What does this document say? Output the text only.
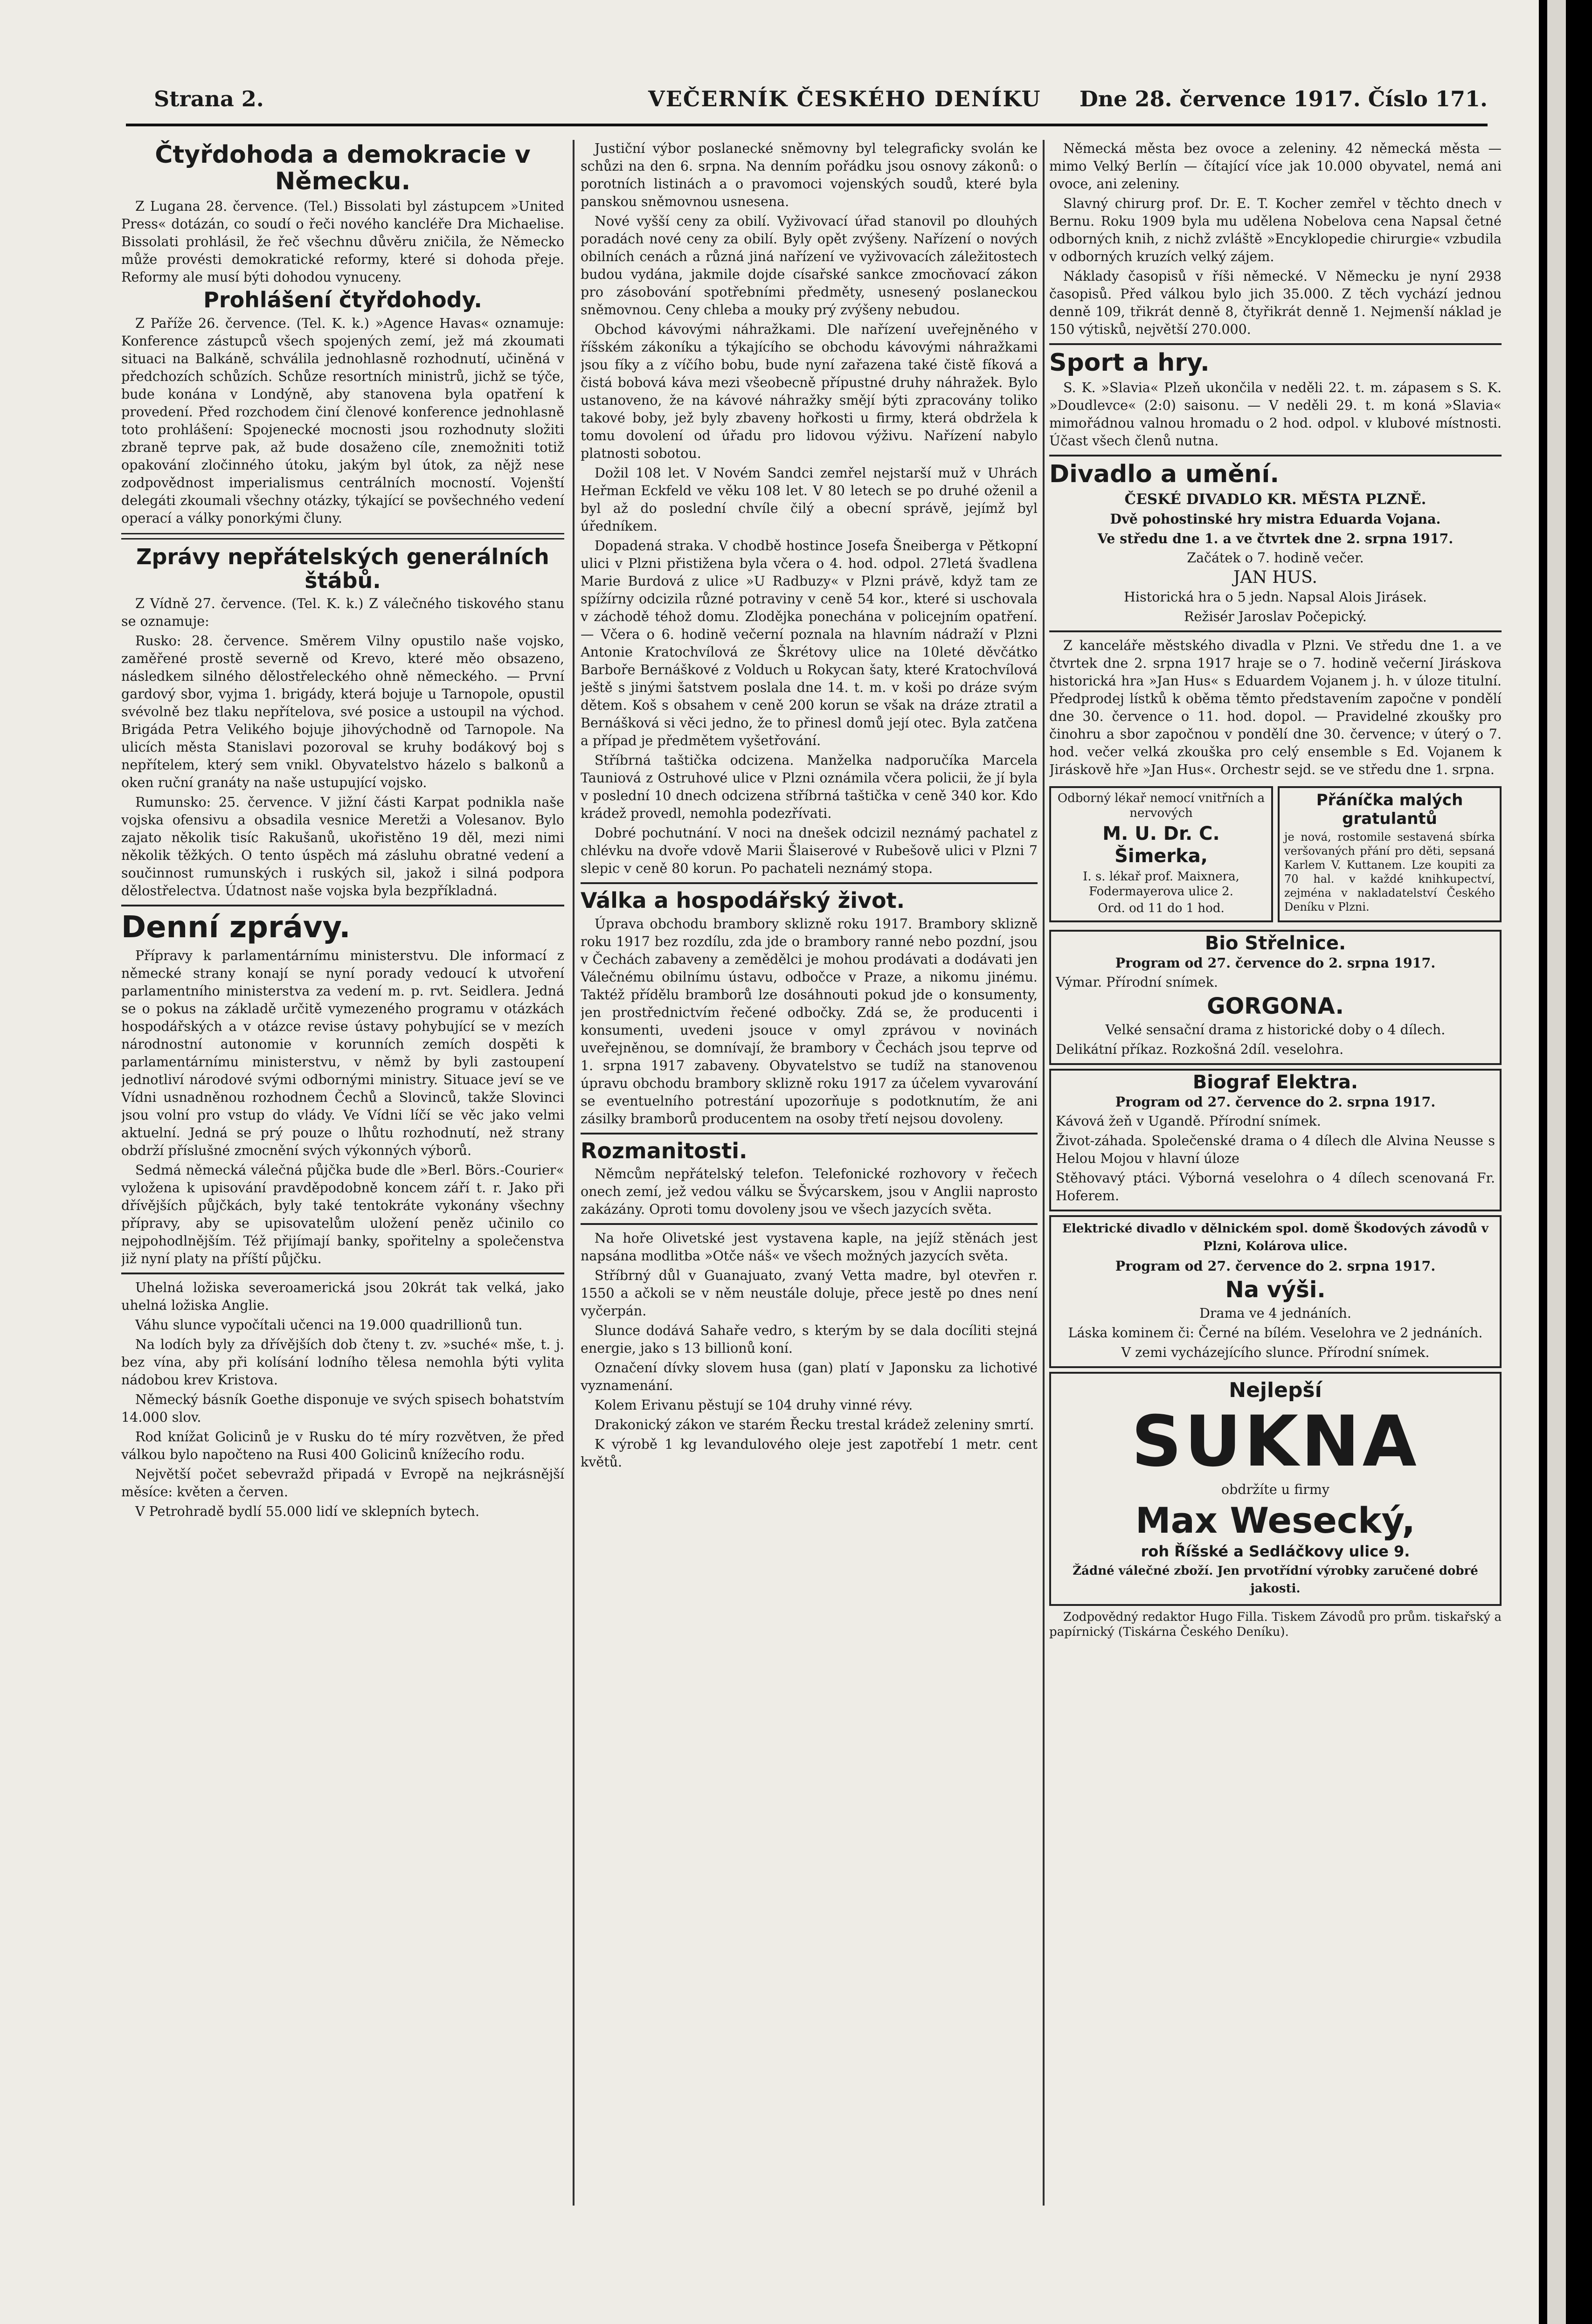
Strana 2.	VEČERNÍK ČESKÉHO DENÍKU Dne 28. července 1917. Číslo 171.
Čtyřdohoda a demokracie v Německu.

Z Lugana 28. července. (Tel.) Bissolati byl zástupcem »United Press« dotázán, co soudí o řeči nového kancléře Dra Michaelise. Bissolati prohlásil, že řeč všechnu důvěru zničila, že Německo může provésti demokratické reformy, které si dohoda přeje. Reformy ale musí býti dohodou vynuceny.

Prohlášení čtyřdohody.

Z Paříže 26. července. (Tel. K. k.) »Agence Havas« oznamuje: Konference zástupců všech spojených zemí, jež má zkoumati situaci na Balkáně, schválila jednohlasně rozhodnutí, učiněná v předchozích schůzích. Schůze resortních ministrů, jichž se týče, bude konána v Londýně, aby stanovena byla opatření k provedení. Před rozchodem činí členové konference jednohlasně toto prohlášení: Spojenecké mocnosti jsou rozhodnuty složiti zbraně teprve pak, až bude dosaženo cíle, znemožniti totiž opakování zločinného útoku, jakým byl útok, za nějž nese zodpovědnost imperialismus centrálních mocností. Vojenští delegáti zkoumali všechny otázky, týkající se povšechného vedení operací a války ponorkými čluny.

Zprávy nepřátelských generálních štábů.

Z Vídně 27. července. (Tel. K. k.) Z válečného tiskového stanu se oznamuje:

Rusko: 28. července. Směrem Vilny opustilo naše vojsko, zaměřené prostě severně od Krevo, které měo obsazeno, následkem silného dělostřeleckého ohně německého. — První gardový sbor, vyjma 1. brigády, která bojuje u Tarnopole, opustil svévolně bez tlaku nepřítelova, své posice a ustoupil na východ. Brigáda Petra Velikého bojuje jihovýchodně od Tarnopole. Na ulicích města Stanislavi pozoroval se kruhy bodákový boj s nepřítelem, který sem vnikl. Obyvatelstvo házelo s balkonů a oken ruční granáty na naše ustupující vojsko.

Rumunsko: 25. července. V jižní části Karpat podnikla naše vojska ofensivu a obsadila vesnice Meretži a Volesanov. Bylo zajato několik tisíc Rakušanů, ukořistěno 19 děl, mezi nimi několik těžkých. O tento úspěch má zásluhu obratné vedení a součinnost rumunských i ruských sil, jakož i silná podpora dělostřelectva. Údatnost naše vojska byla bezpříkladná.

Denní zprávy.

Přípravy k parlamentárnímu ministerstvu. Dle informací z německé strany konají se nyní porady vedoucí k utvoření parlamentního ministerstva za vedení m. p. rvt. Seidlera. Jedná se o pokus na základě určitě vymezeného programu v otázkách hospodářských a v otázce revise ústavy pohybující se v mezích národnostní autonomie v korunních zemích dospěti k parlamentárnímu ministerstvu, v němž by byli zastoupení jednotliví národové svými odbornými ministry. Situace jeví se ve Vídni usnadněnou rozhodnem Čechů a Slovinců, takže Slovinci jsou volní pro vstup do vlády. Ve Vídni líčí se věc jako velmi aktuelní. Jedná se prý pouze o lhůtu rozhodnutí, než strany obdrží příslušné zmocnění svých výkonných výborů.

Sedmá německá válečná půjčka bude dle »Berl. Börs.-Courier« vyložena k upisování pravděpodobně koncem září t. r. Jako při dřívějších půjčkách, byly také tentokráte vykonány všechny přípravy, aby se upisovatelům uložení peněz učinilo co nejpohodlnějším. Též přijímají banky, spořitelny a společenstva již nyní platy na příští půjčku.

Uhelná ložiska severoamerická jsou 20krát tak velká, jako uhelná ložiska Anglie.

Váhu slunce vypočítali učenci na 19.000 quadrillionů tun.

Na lodích byly za dřívějších dob čteny t. zv. »suché« mše, t. j. bez vína, aby při kolísání lodního tělesa nemohla býti vylita nádobou krev Kristova.

Německý básník Goethe disponuje ve svých spisech bohatstvím 14.000 slov.

Rod knížat Golicinů je v Rusku do té míry rozvětven, že před válkou bylo napočteno na Rusi 400 Golicinů knížecího rodu.

Největší počet sebevražd připadá v Evropě na nejkrásnější měsíce: květen a červen.

V Petrohradě bydlí 55.000 lidí ve sklepních bytech.

Justiční výbor poslanecké sněmovny byl telegraficky svolán ke schůzi na den 6. srpna. Na denním pořádku jsou osnovy zákonů: o porotních listinách a o pravomoci vojenských soudů, které byla panskou sněmovnou usnesena.

Nové vyšší ceny za obilí. Vyživovací úřad stanovil po dlouhých poradách nové ceny za obilí. Byly opět zvýšeny. Nařízení o nových obilních cenách a různá jiná nařízení ve vyživovacích záležitostech budou vydána, jakmile dojde císařské sankce zmocňovací zákon pro zásobování spotřebními předměty, usnesený poslaneckou sněmovnou. Ceny chleba a mouky prý zvýšeny nebudou.

Obchod kávovými náhražkami. Dle nařízení uveřejněného v říšském zákoníku a týkajícího se obchodu kávovými náhražkami jsou fíky a z víčího bobu, bude nyní zařazena také čistě fíková a čistá bobová káva mezi všeobecně přípustné druhy náhražek. Bylo ustanoveno, že na kávové náhražky smějí býti zpracovány toliko takové boby, jež byly zbaveny hořkosti u firmy, která obdržela k tomu dovolení od úřadu pro lidovou výživu. Nařízení nabylo platnosti sobotou.

Dožil 108 let. V Novém Sandci zemřel nejstarší muž v Uhrách Heřman Eckfeld ve věku 108 let. V 80 letech se po druhé oženil a byl až do poslední chvíle čilý a obecní správě, jejímž byl úředníkem.

Dopadená straka. V chodbě hostince Josefa Šneiberga v Pětkopní ulici v Plzni přistižena byla včera o 4. hod. odpol. 27letá švadlena Marie Burdová z ulice »U Radbuzy« v Plzni právě, když tam ze spížírny odcizila různé potraviny v ceně 54 kor., které si uschovala v záchodě téhož domu. Zlodějka ponechána v policejním opatření. — Včera o 6. hodině večerní poznala na hlavním nádraží v Plzni Antonie Kratochvílová ze Škrétovy ulice na 10leté děvčátko Barboře Bernáškové z Volduch u Rokycan šaty, které Kratochvílová ještě s jinými šatstvem poslala dne 14. t. m. v koši po dráze svým dětem. Koš s obsahem v ceně 200 korun se však na dráze ztratil a Bernášková si věci jedno, že to přinesl domů její otec. Byla zatčena a případ je předmětem vyšetřování.

Stříbrná taštička odcizena. Manželka nadporučíka Marcela Tauniová z Ostruhové ulice v Plzni oznámila včera policii, že jí byla v poslední 10 dnech odcizena stříbrná taštička v ceně 340 kor. Kdo krádež provedl, nemohla podezřívati.

Dobré pochutnání. V noci na dnešek odcizil neznámý pachatel z chlévku na dvoře vdově Marii Šlaiserové v Rubešově ulici v Plzni 7 slepic v ceně 80 korun. Po pachateli neznámý stopa.

Válka a hospodářský život.

Úprava obchodu brambory sklizně roku 1917. Brambory sklizně roku 1917 bez rozdílu, zda jde o brambory ranné nebo pozdní, jsou v Čechách zabaveny a zemědělci je mohou prodávati a dodávati jen Válečnému obilnímu ústavu, odbočce v Praze, a nikomu jinému. Taktéž přídělu bramborů lze dosáhnouti pokud jde o konsumenty, jen prostřednictvím řečené odbočky. Zdá se, že producenti i konsumenti, uvedeni jsouce v omyl zprávou v novinách uveřejněnou, se domnívají, že brambory v Čechách jsou teprve od 1. srpna 1917 zabaveny. Obyvatelstvo se tudíž na stanovenou úpravu obchodu brambory sklizně roku 1917 za účelem vyvarování se eventuelního potrestání upozorňuje s podotknutím, že ani zásilky bramborů producentem na osoby třetí nejsou dovoleny.

Rozmanitosti.

Němcům nepřátelský telefon. Telefonické rozhovory v řečech onech zemí, jež vedou válku se Švýcarskem, jsou v Anglii naprosto zakázány. Oproti tomu dovoleny jsou ve všech jazycích světa.

Na hoře Olivetské jest vystavena kaple, na jejíž stěnách jest napsána modlitba »Otče náš« ve všech možných jazycích světa.

Stříbrný důl v Guanajuato, zvaný Vetta madre, byl otevřen r. 1550 a ačkoli se v něm neustále doluje, přece jestě po dnes není vyčerpán.

Slunce dodává Sahaře vedro, s kterým by se dala docíliti stejná energie, jako s 13 billionů koní.

Označení dívky slovem husa (gan) platí v Japonsku za lichotivé vyznamenání.

Kolem Erivanu pěstují se 104 druhy vinné révy.

Drakonický zákon ve starém Řecku trestal krádež zeleniny smrtí.

K výrobě 1 kg levandulového oleje jest zapotřebí 1 metr. cent květů.

Německá města bez ovoce a zeleniny. 42 německá města — mimo Velký Berlín — čítající více jak 10.000 obyvatel, nemá ani ovoce, ani zeleniny.

Slavný chirurg prof. Dr. E. T. Kocher zemřel v těchto dnech v Bernu. Roku 1909 byla mu udělena Nobelova cena Napsal četné odborných knih, z nichž zvláště »Encyklopedie chirurgie« vzbudila v odborných kruzích velký zájem.

Náklady časopisů v říši německé. V Německu je nyní 2938 časopisů. Před válkou bylo jich 35.000. Z těch vychází jednou denně 109, třikrát denně 8, čtyřikrát denně 1. Nejmenší náklad je 150 výtisků, největší 270.000.

Sport a hry.

S. K. »Slavia« Plzeň ukončila v neděli 22. t. m. zápasem s S. K. »Doudlevce« (2:0) saisonu. — V neděli 29. t. m koná »Slavia« mimořádnou valnou hromadu o 2 hod. odpol. v klubové místnosti. Účast všech členů nutna.

Divadlo a umění.

ČESKÉ DIVADLO KR. MĚSTA PLZNĚ.

Dvě pohostinské hry mistra Eduarda Vojana.

Ve středu dne 1. a ve čtvrtek dne 2. srpna 1917.

Začátek o 7. hodině večer.

JAN HUS.

Historická hra o 5 jedn. Napsal Alois Jirásek.

Režisér Jaroslav Počepický.

Z kanceláře městského divadla v Plzni. Ve středu dne 1. a ve čtvrtek dne 2. srpna 1917 hraje se o 7. hodině večerní Jiráskova historická hra »Jan Hus« s Eduardem Vojanem j. h. v úloze titulní. Předprodej lístků k oběma těmto představením započne v pondělí dne 30. července o 11. hod. dopol. — Pravidelné zkoušky pro činohru a sbor započnou v pondělí dne 30. července; v úterý o 7. hod. večer velká zkouška pro celý ensemble s Ed. Vojanem k Jiráskově hře »Jan Hus«. Orchestr sejd. se ve středu dne 1. srpna.

Odborný lékař nemocí vnitřních a nervových

M. U. Dr. C. Šimerka,

I. s. lékař prof. Maixnera, Fodermayerova ulice 2.

Ord. od 11 do 1 hod.

Přáníčka malých gratulantů

je nová, rostomile sestavená sbírka veršovaných přání pro děti, sepsaná Karlem V. Kuttanem. Lze koupiti za 70 hal. v každé knihkupectví, zejména v nakladatelství Českého Deníku v Plzni.

Bio Střelnice.

Program od 27. července do 2. srpna 1917.

Výmar. Přírodní snímek.

GORGONA.

Velké sensační drama z historické doby o 4 dílech.

Delikátní příkaz. Rozkošná 2díl. veselohra.

Biograf Elektra.

Program od 27. července do 2. srpna 1917.

Kávová žeň v Ugandě. Přírodní snímek.

Život-záhada. Společenské drama o 4 dílech dle Alvina Neusse s Helou Mojou v hlavní úloze

Stěhovavý ptáci. Výborná veselohra o 4 dílech scenovaná Fr. Hoferem.

Elektrické divadlo v dělnickém spol. domě Škodových závodů v Plzni, Kolárova ulice.

Program od 27. července do 2. srpna 1917.

Na výši.

Drama ve 4 jednáních.

Láska kominem či: Černé na bílém. Veselohra ve 2 jednáních.

V zemi vycházejícího slunce. Přírodní snímek.

Nejlepší

SUKNA

obdržíte u firmy

Max Wesecký,

roh Říšské a Sedláčkovy ulice 9.

Žádné válečné zboží. Jen prvotřídní výrobky zaručené dobré jakosti.

Zodpovědný redaktor Hugo Filla. Tiskem Závodů pro prům. tiskařský a papírnický (Tiskárna Českého Deníku).
